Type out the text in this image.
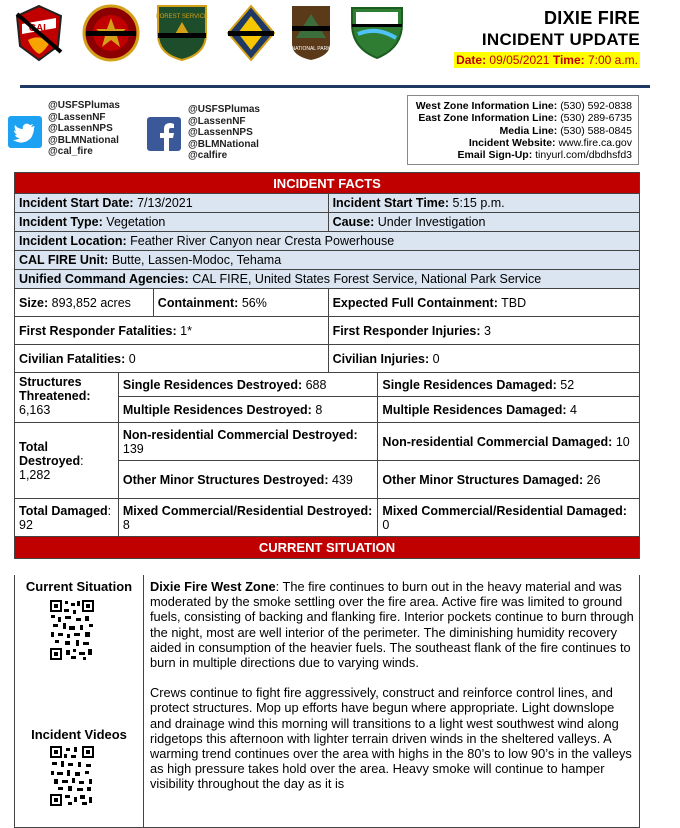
CAL
FOREST SERVICE
NATIONAL PARK
DIXIE FIRE
INCIDENT UPDATE
Date: 09/05/2021 Time: 7:00 a.m.
@USFSPlumas
@LassenNF
@LassenNPS
@BLMNational
@cal_fire
@USFSPlumas
@LassenNF
@LassenNPS
@BLMNational
@calfire
West Zone Information Line: (530) 592-0838
East Zone Information Line: (530) 289-6735
Media Line: (530) 588-0845
Incident Website: www.fire.ca.gov
Email Sign-Up: tinyurl.com/dbdhsfd3
INCIDENT FACTS				
Incident Start Date: 7/13/2021			Incident Start Time: 5:15 p.m.	
Incident Type: Vegetation			Cause: Under Investigation	
Incident Location: Feather River Canyon near Cresta Powerhouse				
CAL FIRE Unit: Butte, Lassen-Modoc, Tehama				
Unified Command Agencies: CAL FIRE, United States Forest Service, National Park Service				
Size: 893,852 acres		Containment: 56%	Expected Full Containment: TBD	
First Responder Fatalities: 1*			First Responder Injuries: 3	
Civilian Fatalities: 0			Civilian Injuries: 0	
Structures Threatened:
6,163	Single Residences Destroyed: 688			Single Residences Damaged: 52
	Multiple Residences Destroyed: 8			Multiple Residences Damaged: 4
Total Destroyed:
1,282	Non-residential Commercial Destroyed: 139			Non-residential Commercial Damaged: 10
	Other Minor Structures Destroyed: 439			Other Minor Structures Damaged: 26
Total Damaged: 92	Mixed Commercial/Residential Destroyed: 8			Mixed Commercial/Residential Damaged: 0
CURRENT SITUATION				
Current Situation
Incident Videos

Dixie Fire West Zone: The fire continues to burn out in the heavy material and was moderated by the smoke settling over the fire area. Active fire was limited to ground fuels, consisting of backing and flanking fire. Interior pockets continue to burn through the night, most are well interior of the perimeter. The diminishing humidity recovery aided in consumption of the heavier fuels. The southeast flank of the fire continues to burn in multiple directions due to varying winds.

Crews continue to fight fire aggressively, construct and reinforce control lines, and protect structures. Mop up efforts have begun where appropriate. Light downslope and drainage wind this morning will transitions to a light west southwest wind along ridgetops this afternoon with lighter terrain driven winds in the sheltered valleys. A warming trend continues over the area with highs in the 80’s to low 90’s in the valleys as high pressure takes hold over the area. Heavy smoke will continue to hamper visibility throughout the day as it is
